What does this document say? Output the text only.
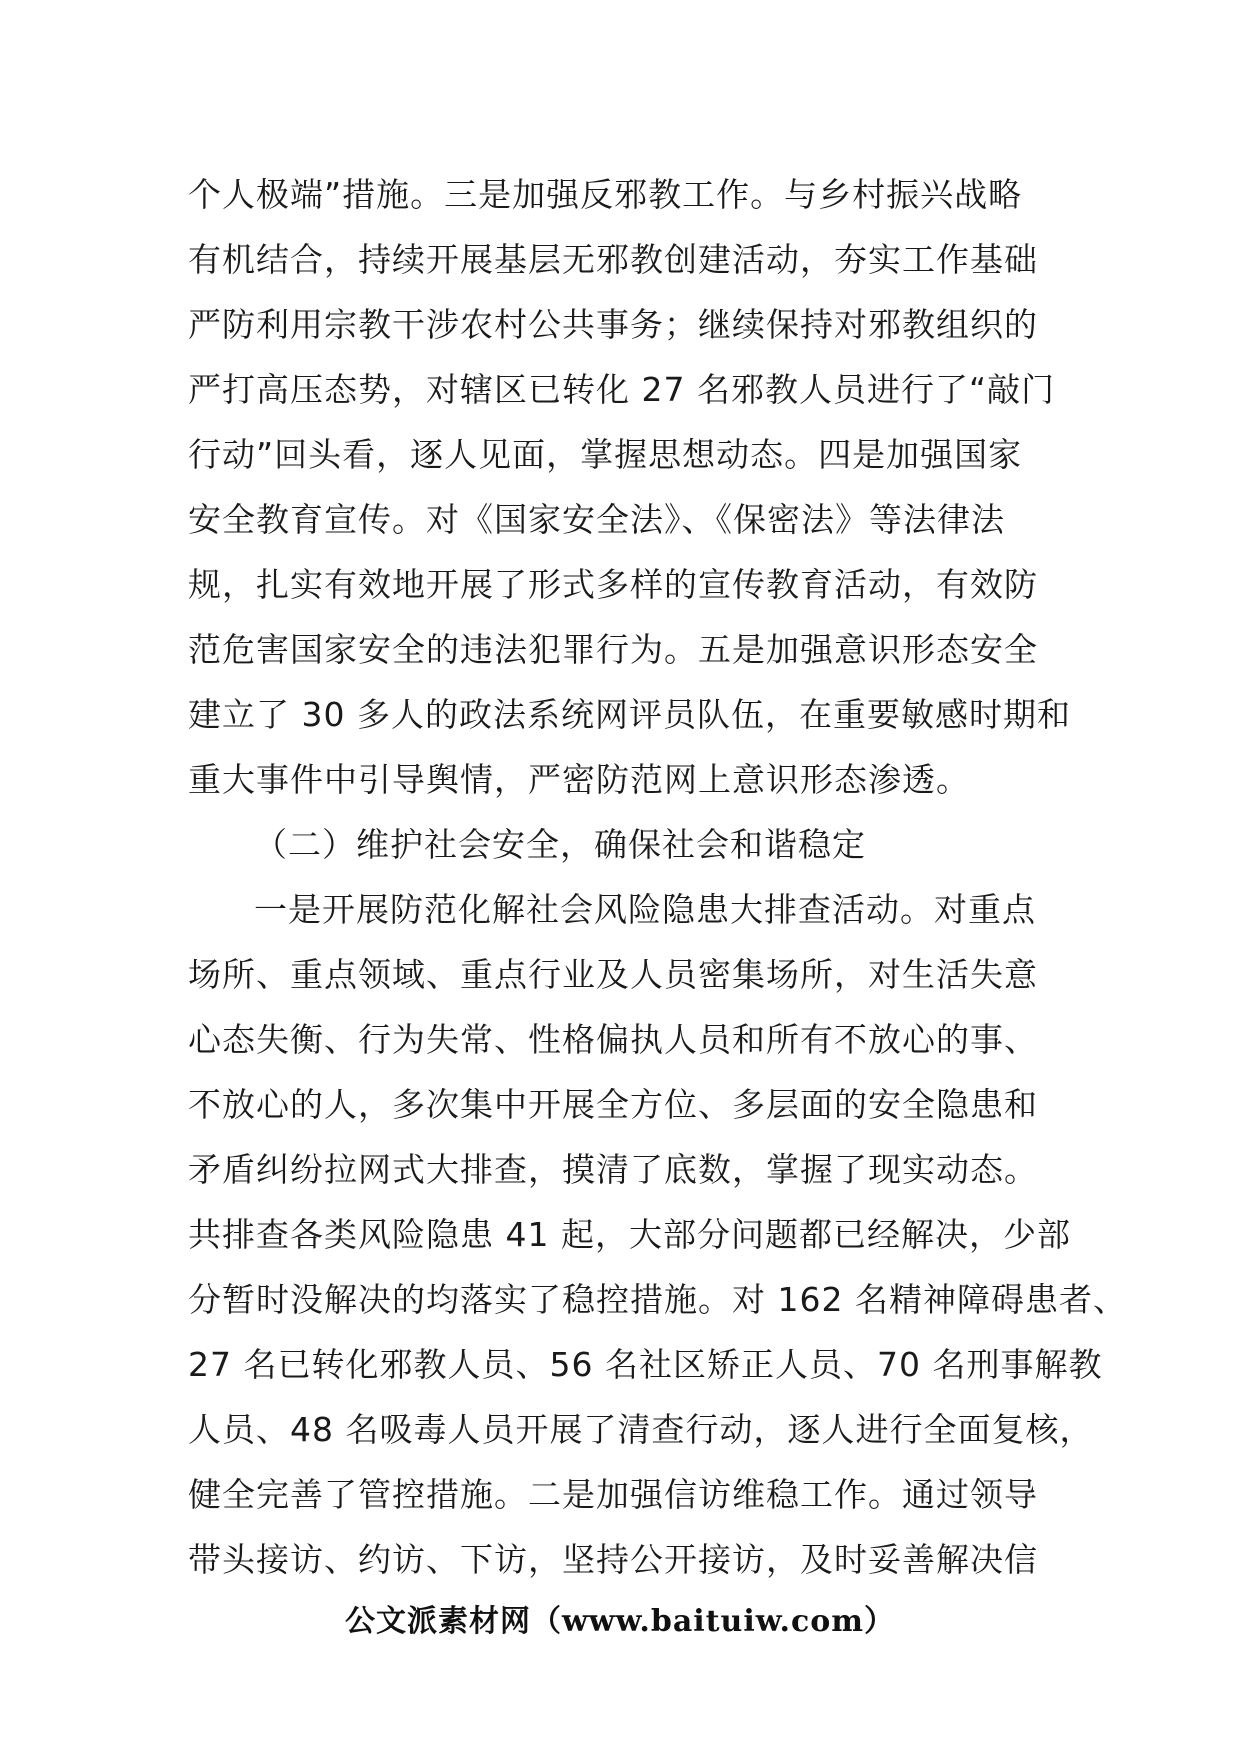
个人极端”措施。三是加强反邪教工作。与乡村振兴战略
有机结合，持续开展基层无邪教创建活动，夯实工作基础
严防利用宗教干涉农村公共事务；继续保持对邪教组织的
严打高压态势，对辖区已转化 27 名邪教人员进行了“敲门
行动”回头看，逐人见面，掌握思想动态。四是加强国家
安全教育宣传。对《国家安全法》、《保密法》等法律法
规，扎实有效地开展了形式多样的宣传教育活动，有效防
范危害国家安全的违法犯罪行为。五是加强意识形态安全
建立了 30 多人的政法系统网评员队伍，在重要敏感时期和
重大事件中引导舆情，严密防范网上意识形态渗透。
（二）维护社会安全，确保社会和谐稳定
一是开展防范化解社会风险隐患大排查活动。对重点
场所、重点领域、重点行业及人员密集场所，对生活失意
心态失衡、行为失常、性格偏执人员和所有不放心的事、
不放心的人，多次集中开展全方位、多层面的安全隐患和
矛盾纠纷拉网式大排查，摸清了底数，掌握了现实动态。
共排查各类风险隐患 41 起，大部分问题都已经解决，少部
分暂时没解决的均落实了稳控措施。对 162 名精神障碍患者、
27 名已转化邪教人员、56 名社区矫正人员、70 名刑事解教
人员、48 名吸毒人员开展了清查行动，逐人进行全面复核，
健全完善了管控措施。二是加强信访维稳工作。通过领导
带头接访、约访、下访，坚持公开接访，及时妥善解决信
公文派素材网（www.baituiw.com）
